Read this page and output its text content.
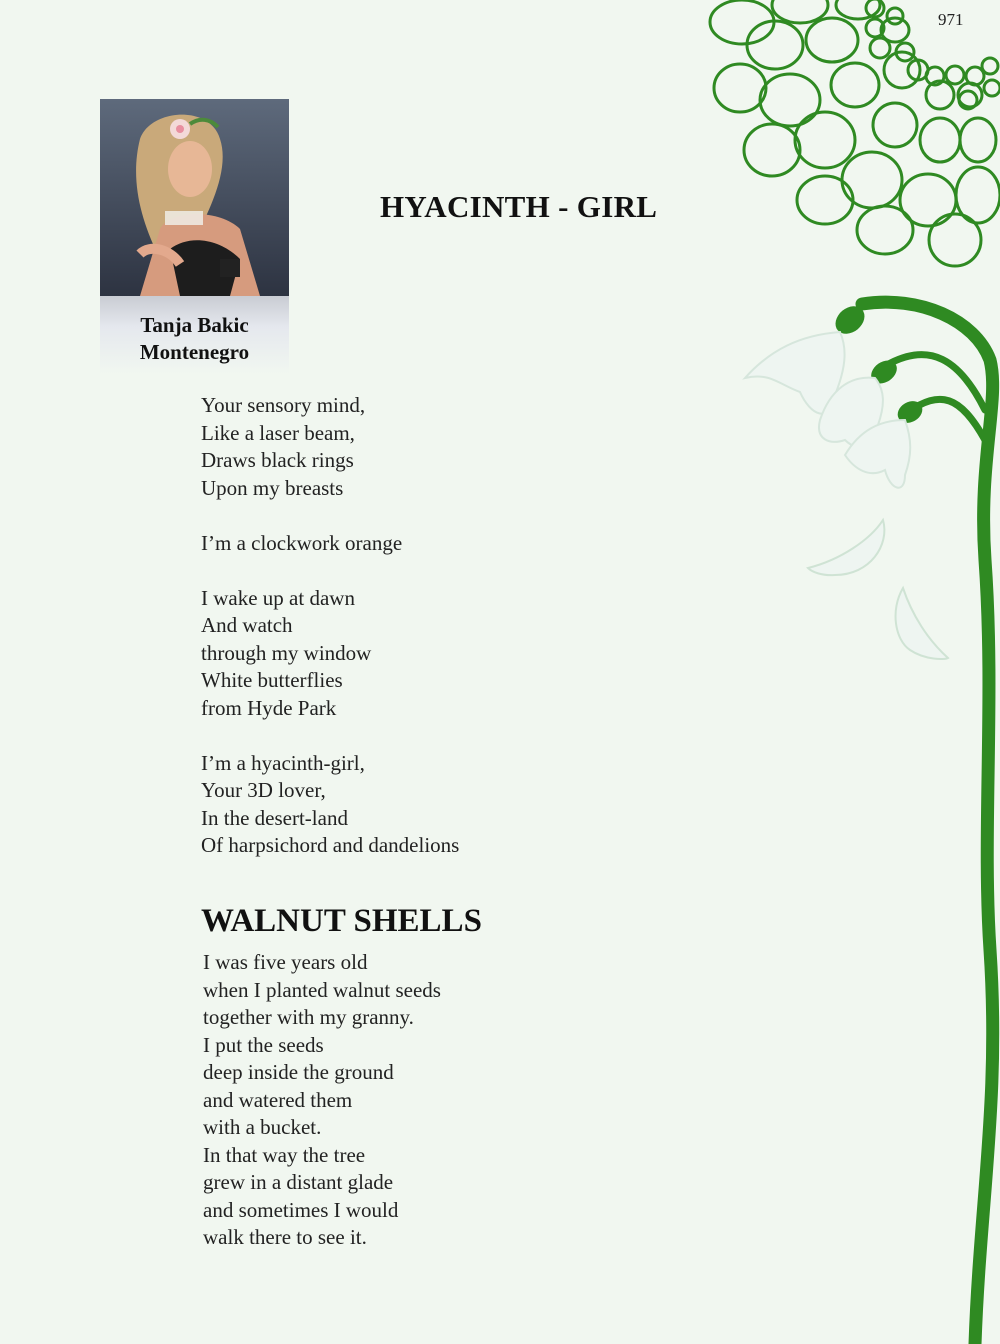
971
Tanja Bakic
Montenegro
HYACINTH - GIRL
Your sensory mind,
Like a laser beam,
Draws black rings
Upon my breasts
I’m a clockwork orange
I wake up at dawn
And watch
through my window
White butterflies
from Hyde Park
I’m a hyacinth-girl,
Your 3D lover,
In the desert-land
Of harpsichord and dandelions
WALNUT SHELLS
I was five years old
when I planted walnut seeds
together with my granny.
I put the seeds
deep inside the ground
and watered them
with a bucket.
In that way the tree
grew in a distant glade
and sometimes I would
walk there to see it.
